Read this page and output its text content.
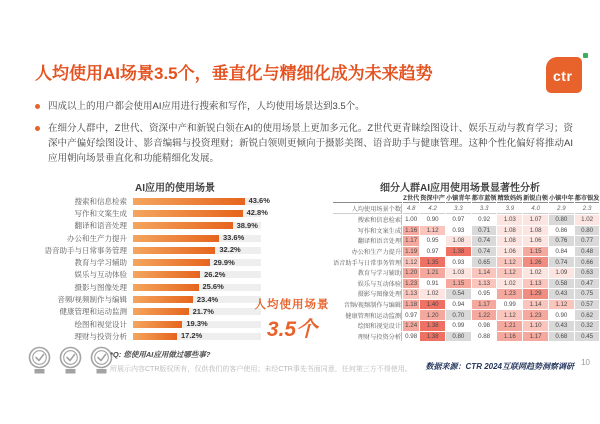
人均使用AI场景3.5个，垂直化与精细化成为未来趋势	ctr
四成以上的用户都会使用AI应用进行搜索和写作，人均使用场景达到3.5个。
在细分人群中，Z世代、资深中产和新锐白领在AI的使用场景上更加多元化。Z世代更青睐绘图设计、娱乐互动与教育学习；资深中产偏好绘图设计、影音编辑与投资理财；新锐白领则更倾向于摄影美图、语音助手与健康管理。这种个性化偏好将推动AI应用朝向场景垂直化和功能精细化发展。
AI应用的使用场景
搜索和信息检索	43.6%
写作和文案生成	42.8%
翻译和语音处理	38.9%
办公和生产力提升	33.6%
语音助手与日常事务管理	32.2%
教育与学习辅助	29.9%
娱乐与互动体验	26.2%
摄影与图像处理	25.6%
音频/视频制作与编辑	23.4%
健康管理和运动监测	21.7%
绘图和视觉设计	19.3%
理财与投资分析	17.2%
人均使用场景
3.5个
细分人群AI应用使用场景显著性分析
	Z世代	资深中产	小镇青年	都市蓝领	精致妈妈	新锐白领	小镇中年	都市银发
人均使用场景个数	4.8	4.2	3.3	3.3	3.9	4.0	2.9	2.3
搜索和信息检索	1.00	0.90	0.97	0.92	1.03	1.07	0.80	1.02
写作和文案生成	1.16	1.12	0.93	0.71	1.08	1.08	0.86	0.80
翻译和语音处理	1.17	0.95	1.08	0.74	1.08	1.06	0.76	0.77
办公和生产力提升	1.19	0.97	1.38	0.74	1.06	1.15	0.84	0.48
语音助手与日常事务管理	1.12	1.35	0.93	0.65	1.12	1.26	0.74	0.66
教育与学习辅助	1.20	1.21	1.03	1.14	1.12	1.02	1.09	0.63
娱乐与互动体验	1.23	0.91	1.15	1.13	1.02	1.13	0.58	0.47
摄影与图像处理	1.13	1.02	0.54	0.95	1.23	1.29	0.43	0.75
音频/视频制作与编辑	1.18	1.40	0.94	1.17	0.99	1.14	1.12	0.57
健康管理和运动监测	0.97	1.20	0.70	1.22	1.12	1.23	0.90	0.62
绘图和视觉设计	1.24	1.38	0.99	0.98	1.21	1.10	0.43	0.32
理财与投资分析	0.98	1.38	0.80	0.88	1.16	1.17	0.68	0.45
*Q: 您使用AI应用做过哪些事?
所展示内容CTR版权所有，仅供我们的客户使用；未经CTR事先书面同意，任何第三方不得使用。 数据来源：CTR 2024互联网趋势洞察调研 10
